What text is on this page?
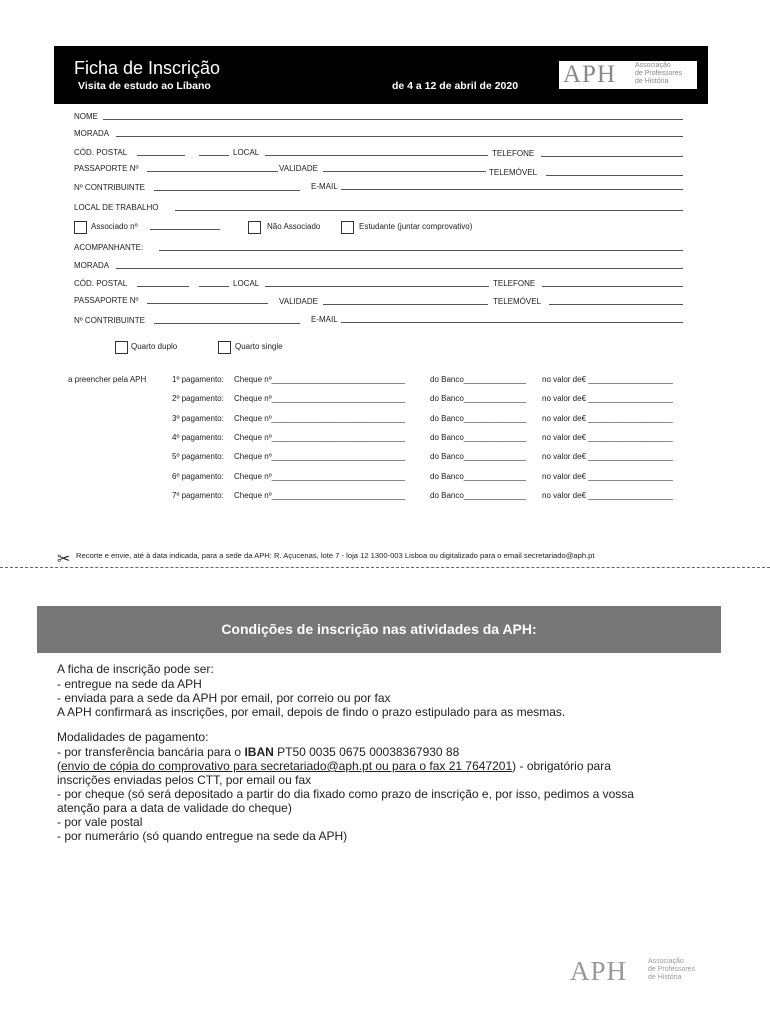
Ficha de Inscrição
Visita de estudo ao Líbano	de 4 a 12 de abril de 2020 APH	Associação
de Professores
de História
NOME
MORADA
CÓD. POSTAL	LOCAL	TELEFONE
PASSAPORTE Nº	VALIDADE	TELEMÓVEL
Nº CONTRIBUINTE	E-MAIL
LOCAL DE TRABALHO
Associado nº	Não Associado	Estudante (juntar comprovativo)
ACOMPANHANTE:
MORADA
CÓD. POSTAL	LOCAL	TELEFONE
PASSAPORTE Nº	VALIDADE	TELEMÓVEL
Nº CONTRIBUINTE	E-MAIL
Quarto duplo	Quarto single
a preencher pela APH	1º pagamento: Cheque nº______________________________	do Banco______________ no valor de€ ___________________
2º pagamento: Cheque nº______________________________	do Banco______________ no valor de€ ___________________
3º pagamento: Cheque nº______________________________	do Banco______________ no valor de€ ___________________
4º pagamento: Cheque nº______________________________	do Banco______________ no valor de€ ___________________
5º pagamento: Cheque nº______________________________	do Banco______________ no valor de€ ___________________
6º pagamento: Cheque nº______________________________	do Banco______________ no valor de€ ___________________
7º pagamento: Cheque nº______________________________	do Banco______________ no valor de€ ___________________
✂ Recorte e envie, até à data indicada, para a sede da APH: R. Açucenas, lote 7 - loja 12 1300-003 Lisboa ou digitalizado para o email secretariado@aph.pt
Condições de inscrição nas atividades da APH:
A ficha de inscrição pode ser:
- entregue na sede da APH
- enviada para a sede da APH por email, por correio ou por fax
A APH confirmará as inscrições, por email, depois de findo o prazo estipulado para as mesmas.
Modalidades de pagamento:
- por transferência bancária para o IBAN PT50 0035 0675 00038367930 88
(envio de cópia do comprovativo para secretariado@aph.pt ou para o fax 21 7647201) - obrigatório para
inscrições enviadas pelos CTT, por email ou fax
- por cheque (só será depositado a partir do dia fixado como prazo de inscrição e, por isso, pedimos a vossa
atenção para a data de validade do cheque)
- por vale postal
- por numerário (só quando entregue na sede da APH)
APH	Associação
de Professores
de História
